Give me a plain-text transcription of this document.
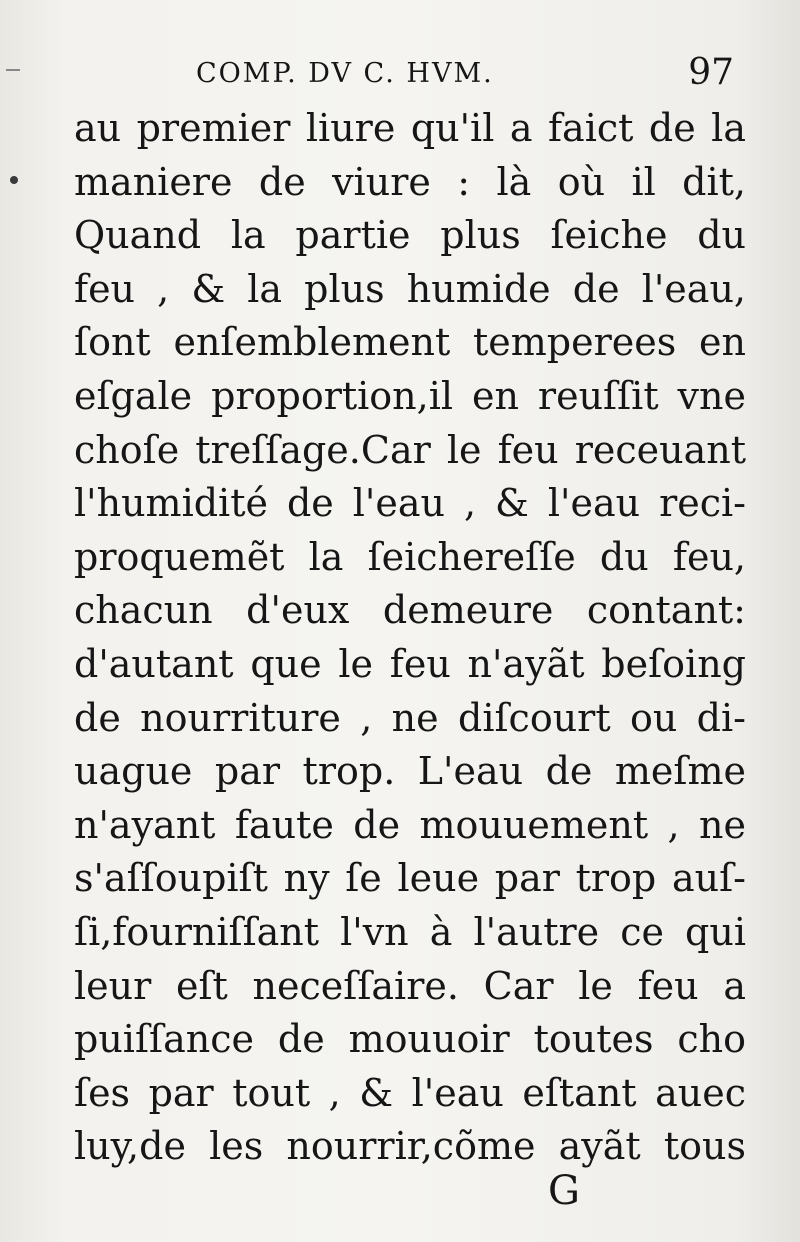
COMP. DV C. HVM.	97
au premier liure qu'il a faict de la
maniere de viure : là où il dit,
Quand la partie plus ſeiche du
feu , & la plus humide de l'eau,
ſont enſemblement temperees en
eſgale proportion,il en reuſſit vne
choſe treſſage.Car le feu receuant
l'humidité de l'eau , & l'eau reci-
proquemẽt la ſeichereſſe du feu,
chacun d'eux demeure contant:
d'autant que le feu n'ayãt beſoing
de nourriture , ne diſcourt ou di-
uague par trop. L'eau de meſme
n'ayant faute de mouuement , ne
s'aſſoupiſt ny ſe leue par trop auſ-
ſi,fourniſſant l'vn à l'autre ce qui
leur eſt neceſſaire. Car le feu a
puiſſance de mouuoir toutes cho
ſes par tout , & l'eau eſtant auec
luy,de les nourrir,cõme ayãt tous
G
